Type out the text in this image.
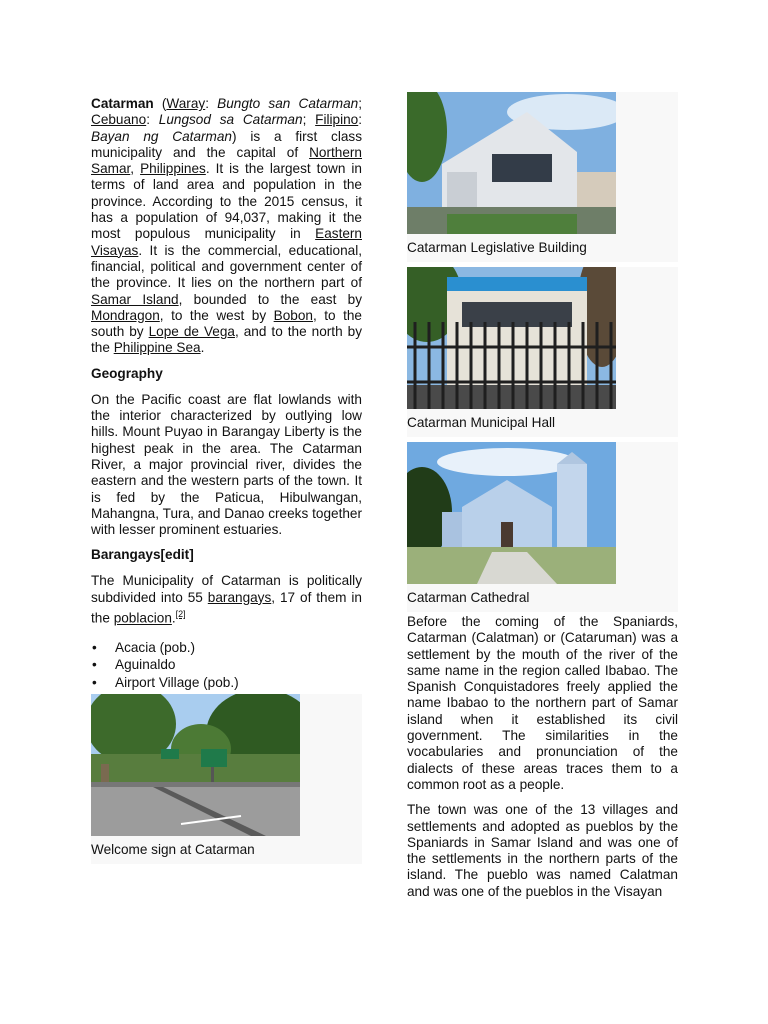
Catarman (Waray: Bungto san Catarman; Cebuano: Lungsod sa Catarman; Filipino: Bayan ng Catarman) is a first class municipality and the capital of Northern Samar, Philippines. It is the largest town in terms of land area and population in the province. According to the 2015 census, it has a population of 94,037, making it the most populous municipality in Eastern Visayas. It is the commercial, educational, financial, political and government center of the province. It lies on the northern part of Samar Island, bounded to the east by Mondragon, to the west by Bobon, to the south by Lope de Vega, and to the north by the Philippine Sea.

Geography

On the Pacific coast are flat lowlands with the interior characterized by outlying low hills. Mount Puyao in Barangay Liberty is the highest peak in the area. The Catarman River, a major provincial river, divides the eastern and the western parts of the town. It is fed by the Paticua, Hibulwangan, Mahangna, Tura, and Danao creeks together with lesser prominent estuaries.

Barangays[edit]

The Municipality of Catarman is politically subdivided into 55 barangays, 17 of them in the poblacion.[2]

• Acacia (pob.)
• Aguinaldo
• Airport Village (pob.)
Welcome sign at Catarman
Catarman Legislative Building
Catarman Municipal Hall
Catarman Cathedral

Before the coming of the Spaniards, Catarman (Calatman) or (Cataruman) was a settlement by the mouth of the river of the same name in the region called Ibabao. The Spanish Conquistadores freely applied the name Ibabao to the northern part of Samar island when it established its civil government. The similarities in the vocabularies and pronunciation of the dialects of these areas traces them to a common root as a people.

The town was one of the 13 villages and settlements and adopted as pueblos by the Spaniards in Samar Island and was one of the settlements in the northern parts of the island. The pueblo was named Calatman and was one of the pueblos in the Visayan
